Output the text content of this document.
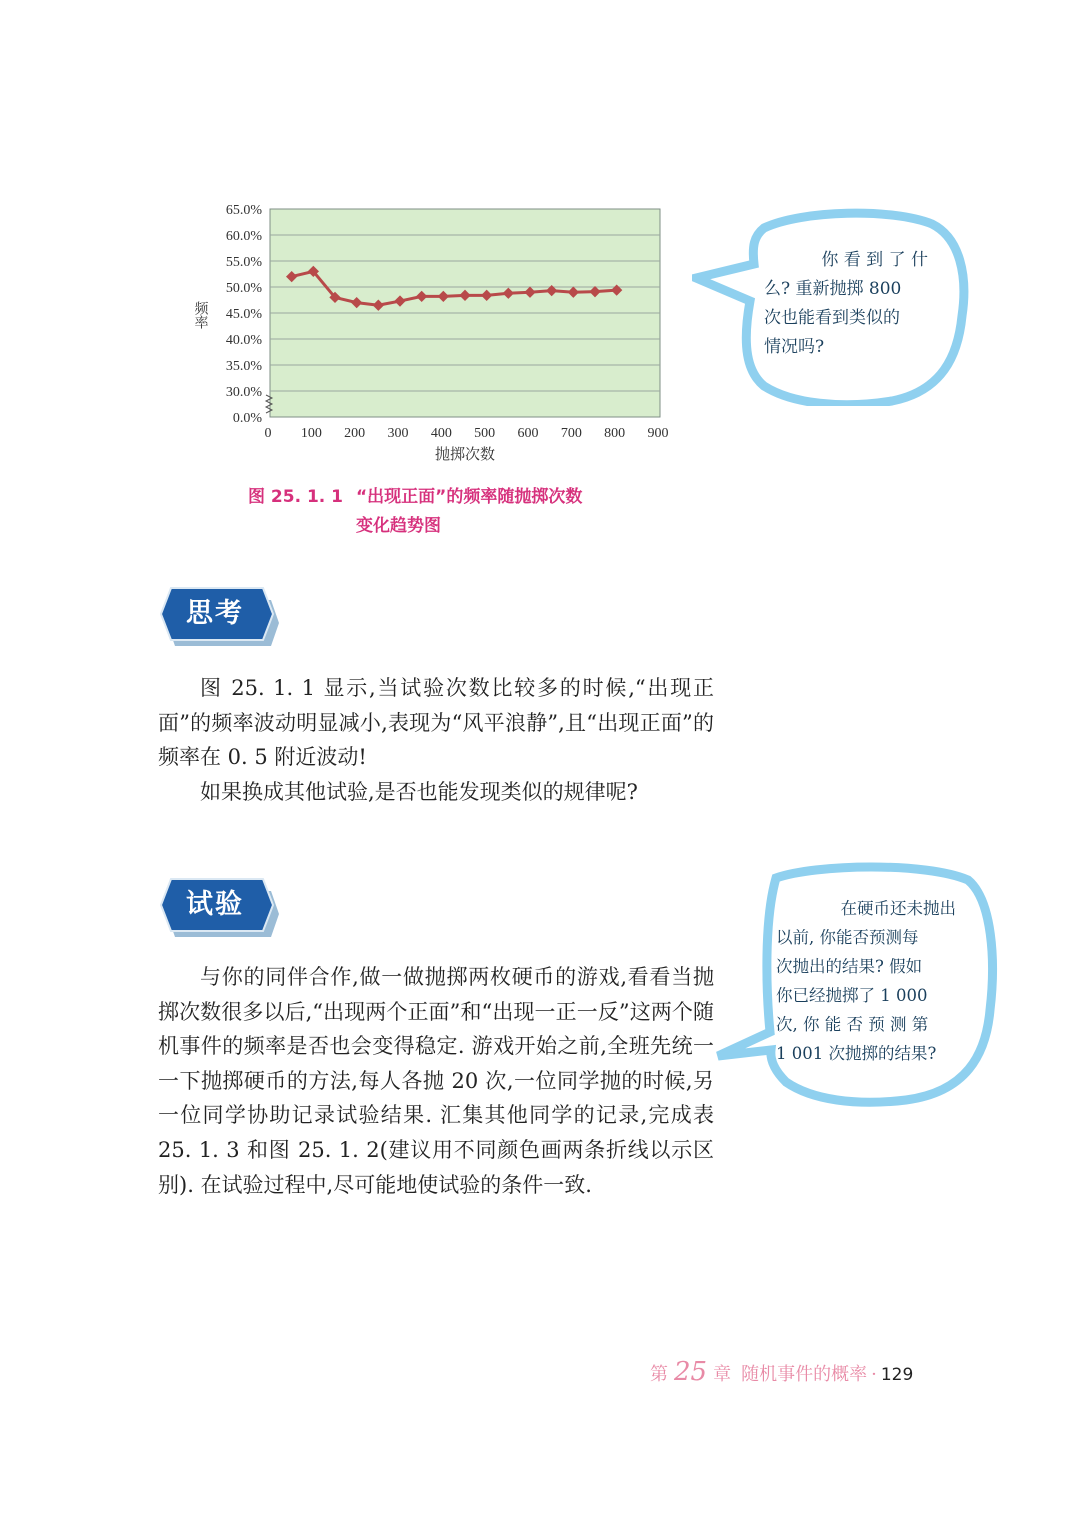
0.0%
30.0%
35.0%
40.0%
45.0%
50.0%
55.0%
60.0%
65.0%
0 100 200 300 400 500 600 700 800 900
频率
抛掷次数
图 25. 1. 1 “出现正面”的频率随抛掷次数
变化趋势图
你 看 到 了 什
么? 重新抛掷 800
次也能看到类似的
情况吗?
思考

图 25. 1. 1 显示,当试验次数比较多的时候,“出现正面”的频率波动明显减小,表现为“风平浪静”,且“出现正面”的频率在 0. 5 附近波动!

如果换成其他试验,是否也能发现类似的规律呢?

试验

与你的同伴合作,做一做抛掷两枚硬币的游戏,看看当抛掷次数很多以后,“出现两个正面”和“出现一正一反”这两个随机事件的频率是否也会变得稳定. 游戏开始之前,全班先统一一下抛掷硬币的方法,每人各抛 20 次,一位同学抛的时候,另一位同学协助记录试验结果. 汇集其他同学的记录,完成表 25. 1. 3 和图 25. 1. 2(建议用不同颜色画两条折线以示区别). 在试验过程中,尽可能地使试验的条件一致.

在硬币还未抛出
以前, 你能否预测每
次抛出的结果? 假如
你已经抛掷了 1 000
次, 你 能 否 预 测 第
1 001 次抛掷的结果?
第 25 章 随机事件的概率 · 129
